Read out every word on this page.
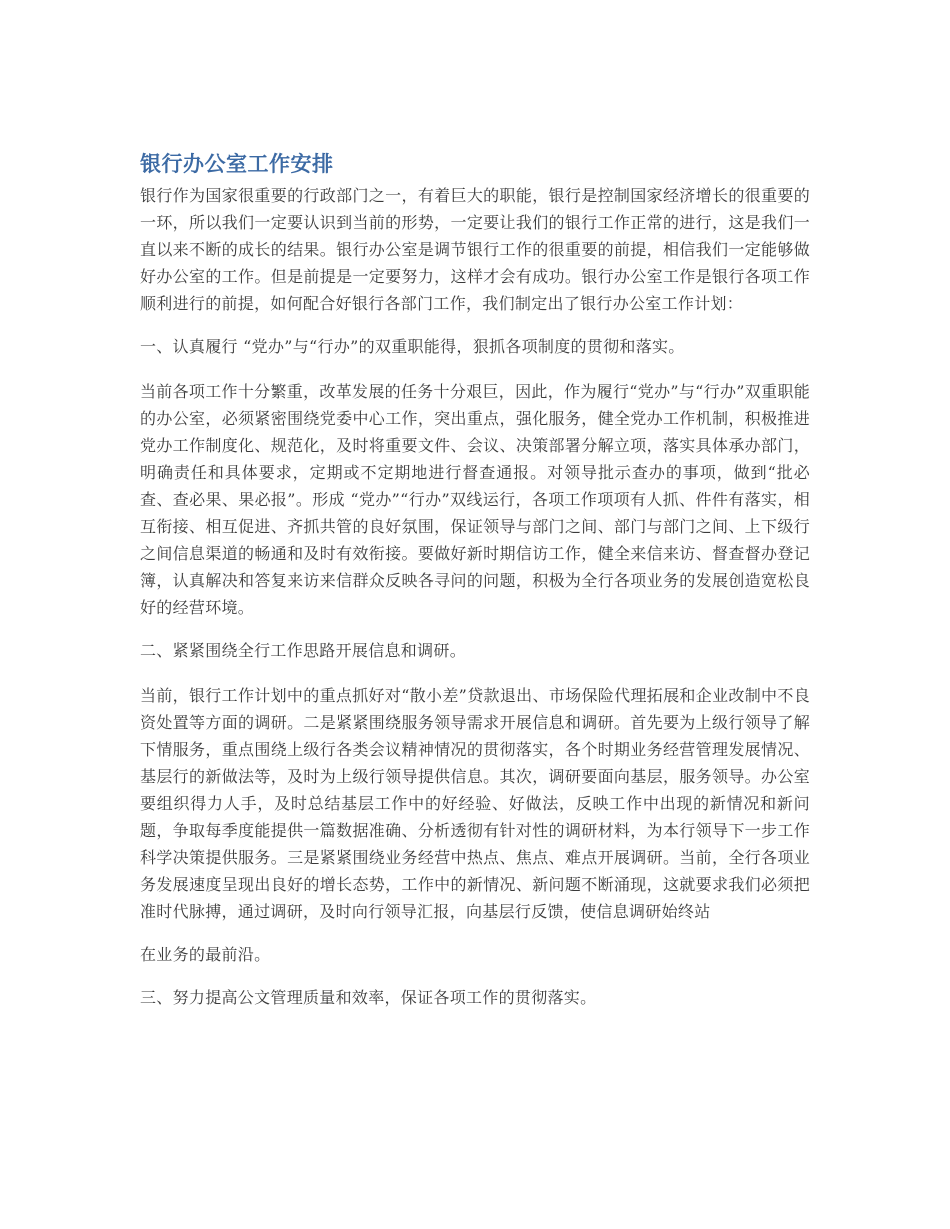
银行办公室工作安排

银行作为国家很重要的行政部门之一，有着巨大的职能，银行是控制国家经济增长的很重要的一环，所以我们一定要认识到当前的形势，一定要让我们的银行工作正常的进行，这是我们一直以来不断的成长的结果。银行办公室是调节银行工作的很重要的前提，相信我们一定能够做好办公室的工作。但是前提是一定要努力，这样才会有成功。银行办公室工作是银行各项工作顺利进行的前提，如何配合好银行各部门工作，我们制定出了银行办公室工作计划：

一、认真履行 “党办”与“行办”的双重职能得，狠抓各项制度的贯彻和落实。

当前各项工作十分繁重，改革发展的任务十分艰巨，因此，作为履行“党办”与“行办”双重职能的办公室，必须紧密围绕党委中心工作，突出重点，强化服务，健全党办工作机制，积极推进党办工作制度化、规范化，及时将重要文件、会议、决策部署分解立项，落实具体承办部门，明确责任和具体要求，定期或不定期地进行督查通报。对领导批示查办的事项，做到“批必查、查必果、果必报”。形成 “党办”“行办”双线运行，各项工作项项有人抓、件件有落实，相互衔接、相互促进、齐抓共管的良好氛围，保证领导与部门之间、部门与部门之间、上下级行之间信息渠道的畅通和及时有效衔接。要做好新时期信访工作，健全来信来访、督查督办登记簿，认真解决和答复来访来信群众反映各寻问的问题，积极为全行各项业务的发展创造宽松良好的经营环境。

二、紧紧围绕全行工作思路开展信息和调研。

当前，银行工作计划中的重点抓好对“散小差”贷款退出、市场保险代理拓展和企业改制中不良资处置等方面的调研。二是紧紧围绕服务领导需求开展信息和调研。首先要为上级行领导了解下情服务，重点围绕上级行各类会议精神情况的贯彻落实，各个时期业务经营管理发展情况、基层行的新做法等，及时为上级行领导提供信息。其次，调研要面向基层，服务领导。办公室要组织得力人手，及时总结基层工作中的好经验、好做法，反映工作中出现的新情况和新问题，争取每季度能提供一篇数据准确、分析透彻有针对性的调研材料，为本行领导下一步工作科学决策提供服务。三是紧紧围绕业务经营中热点、焦点、难点开展调研。当前，全行各项业务发展速度呈现出良好的增长态势，工作中的新情况、新问题不断涌现，这就要求我们必须把准时代脉搏，通过调研，及时向行领导汇报，向基层行反馈，使信息调研始终站

在业务的最前沿。

三、努力提高公文管理质量和效率，保证各项工作的贯彻落实。
